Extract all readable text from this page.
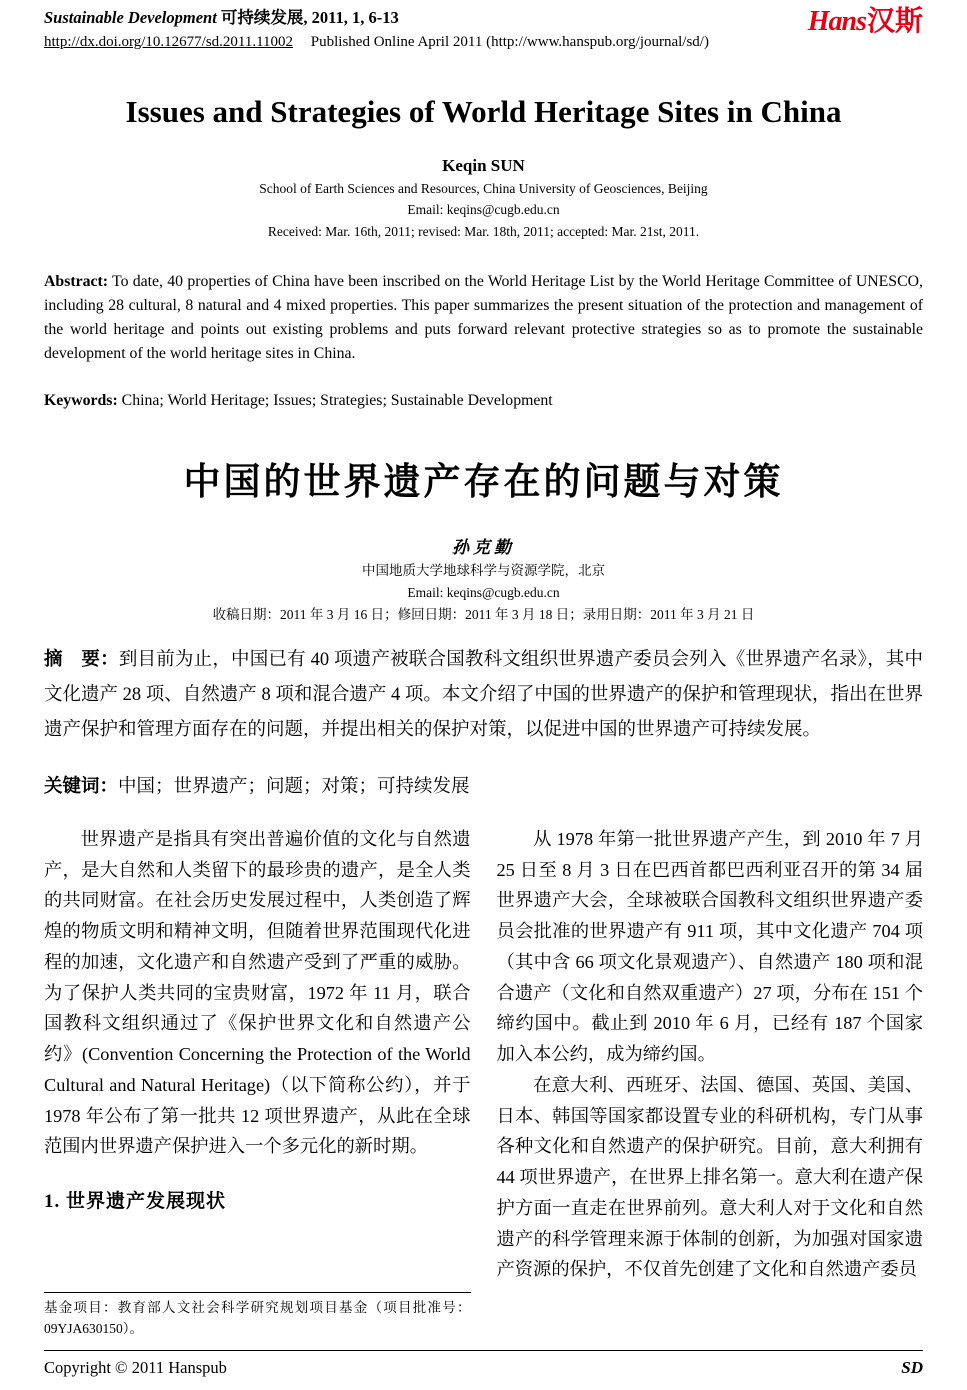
Sustainable Development 可持续发展, 2011, 1, 6-13
http://dx.doi.org/10.12677/sd.2011.11002 Published Online April 2011 (http://www.hanspub.org/journal/sd/)
Hans汉斯
Issues and Strategies of World Heritage Sites in China
Keqin SUN
School of Earth Sciences and Resources, China University of Geosciences, Beijing
Email: keqins@cugb.edu.cn
Received: Mar. 16th, 2011; revised: Mar. 18th, 2011; accepted: Mar. 21st, 2011.

Abstract: To date, 40 properties of China have been inscribed on the World Heritage List by the World Heritage Committee of UNESCO, including 28 cultural, 8 natural and 4 mixed properties. This paper summarizes the present situation of the protection and management of the world heritage and points out existing problems and puts forward relevant protective strategies so as to promote the sustainable development of the world heritage sites in China.

Keywords: China; World Heritage; Issues; Strategies; Sustainable Development

中国的世界遗产存在的问题与对策
孙克勤
中国地质大学地球科学与资源学院，北京
Email: keqins@cugb.edu.cn
收稿日期：2011 年 3 月 16 日；修回日期：2011 年 3 月 18 日；录用日期：2011 年 3 月 21 日

摘　要：到目前为止，中国已有 40 项遗产被联合国教科文组织世界遗产委员会列入《世界遗产名录》，其中文化遗产 28 项、自然遗产 8 项和混合遗产 4 项。本文介绍了中国的世界遗产的保护和管理现状，指出在世界遗产保护和管理方面存在的问题，并提出相关的保护对策，以促进中国的世界遗产可持续发展。

关键词：中国；世界遗产；问题；对策；可持续发展

世界遗产是指具有突出普遍价值的文化与自然遗产，是大自然和人类留下的最珍贵的遗产，是全人类的共同财富。在社会历史发展过程中，人类创造了辉煌的物质文明和精神文明，但随着世界范围现代化进程的加速，文化遗产和自然遗产受到了严重的威胁。为了保护人类共同的宝贵财富，1972 年 11 月，联合国教科文组织通过了《保护世界文化和自然遗产公约》(Convention Concerning the Protection of the World Cultural and Natural Heritage)（以下简称公约），并于 1978 年公布了第一批共 12 项世界遗产，从此在全球范围内世界遗产保护进入一个多元化的新时期。

1. 世界遗产发展现状

基金项目：教育部人文社会科学研究规划项目基金（项目批准号：09YJA630150）。

从 1978 年第一批世界遗产产生，到 2010 年 7 月 25 日至 8 月 3 日在巴西首都巴西利亚召开的第 34 届世界遗产大会，全球被联合国教科文组织世界遗产委员会批准的世界遗产有 911 项，其中文化遗产 704 项（其中含 66 项文化景观遗产）、自然遗产 180 项和混合遗产（文化和自然双重遗产）27 项，分布在 151 个缔约国中。截止到 2010 年 6 月，已经有 187 个国家加入本公约，成为缔约国。

在意大利、西班牙、法国、德国、英国、美国、日本、韩国等国家都设置专业的科研机构，专门从事各种文化和自然遗产的保护研究。目前，意大利拥有 44 项世界遗产，在世界上排名第一。意大利在遗产保护方面一直走在世界前列。意大利人对于文化和自然遗产的科学管理来源于体制的创新，为加强对国家遗产资源的保护，不仅首先创建了文化和自然遗产委员

Copyright © 2011 Hanspub	SD
